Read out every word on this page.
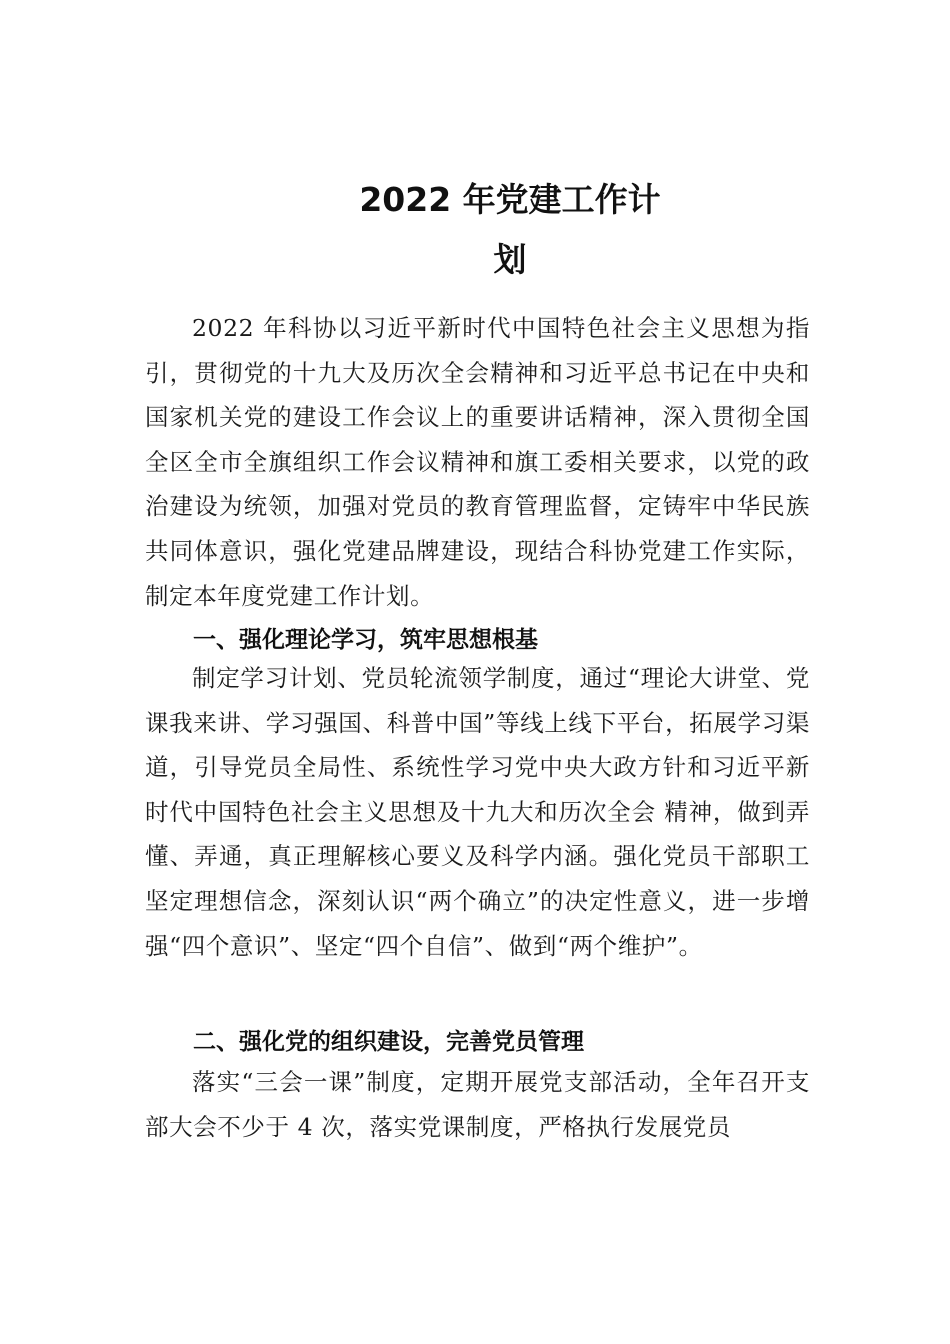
2022 年党建工作计
划

2022 年科协以习近平新时代中国特色社会主义思想为指引，贯彻党的十九大及历次全会精神和习近平总书记在中央和国家机关党的建设工作会议上的重要讲话精神，深入贯彻全国全区全市全旗组织工作会议精神和旗工委相关要求，以党的政治建设为统领，加强对党员的教育管理监督，定铸牢中华民族共同体意识，强化党建品牌建设，现结合科协党建工作实际，制定本年度党建工作计划。

一、强化理论学习，筑牢思想根基

制定学习计划、党员轮流领学制度，通过“理论大讲堂、党课我来讲、学习强国、科普中国”等线上线下平台，拓展学习渠道，引导党员全局性、系统性学习党中央大政方针和习近平新时代中国特色社会主义思想及十九大和历次全会 精神，做到弄懂、弄通，真正理解核心要义及科学内涵。强化党员干部职工坚定理想信念，深刻认识“两个确立”的决定性意义，进一步增强“四个意识”、坚定“四个自信”、做到“两个维护”。

二、强化党的组织建设，完善党员管理

落实“三会一课”制度，定期开展党支部活动，全年召开支部大会不少于 4 次，落实党课制度，严格执行发展党员
